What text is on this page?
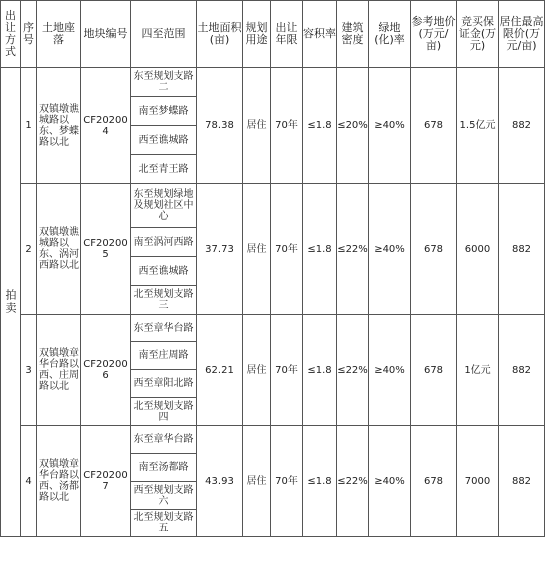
出让方式	序号	土地座落	地块编号	四至范围	土地面积(亩)	规划用途	出让年限	容积率	建筑密度	绿地(化)率	参考地价(万元/亩)	竞买保证金(万元)	居住最高限价(万元/亩)

拍卖	1	双镇墩谯城路以东、梦蝶路以北	CF202004	东至规划支路二	78.38	居住	70年	≤1.8	≤20%	≥40%	678	1.5亿元	882
				南至梦蝶路									
				西至谯城路									
				北至青王路									
	2	双镇墩谯城路以东、涡河西路以北	CF202005	东至规划绿地及规划社区中心	37.73	居住	70年	≤1.8	≤22%	≥40%	678	6000	882
				南至涡河西路									
				西至谯城路									
				北至规划支路三									
	3	双镇墩章华台路以西、庄周路以北	CF202006	东至章华台路	62.21	居住	70年	≤1.8	≤22%	≥40%	678	1亿元	882
				南至庄周路									
				西至章阳北路									
				北至规划支路四									
	4	双镇墩章华台路以西、汤都路以北	CF202007	东至章华台路	43.93	居住	70年	≤1.8	≤22%	≥40%	678	7000	882
				南至汤都路									
				西至规划支路六									
				北至规划支路五									
